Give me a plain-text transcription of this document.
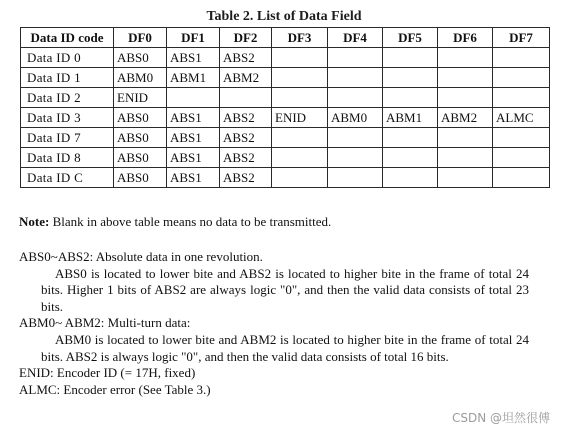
Table 2. List of Data Field
Data ID code	DF0	DF1	DF2	DF3	DF4	DF5	DF6	DF7
Data ID 0	ABS0	ABS1	ABS2					
Data ID 1	ABM0	ABM1	ABM2					
Data ID 2	ENID							
Data ID 3	ABS0	ABS1	ABS2	ENID	ABM0	ABM1	ABM2	ALMC
Data ID 7	ABS0	ABS1	ABS2					
Data ID 8	ABS0	ABS1	ABS2					
Data ID C	ABS0	ABS1	ABS2					
Note: Blank in above table means no data to be transmitted.

ABS0~ABS2: Absolute data in one revolution.

ABS0 is located to lower bite and ABS2 is located to higher bite in the frame of total 24 bits. Higher 1 bits of ABS2 are always logic "0", and then the valid data consists of total 23 bits.

ABM0~ ABM2: Multi-turn data:

ABM0 is located to lower bite and ABM2 is located to higher bite in the frame of total 24 bits. ABS2 is always logic "0", and then the valid data consists of total 16 bits.

ENID: Encoder ID (= 17H, fixed)

ALMC: Encoder error (See Table 3.)

CSDN @坦然很傅
